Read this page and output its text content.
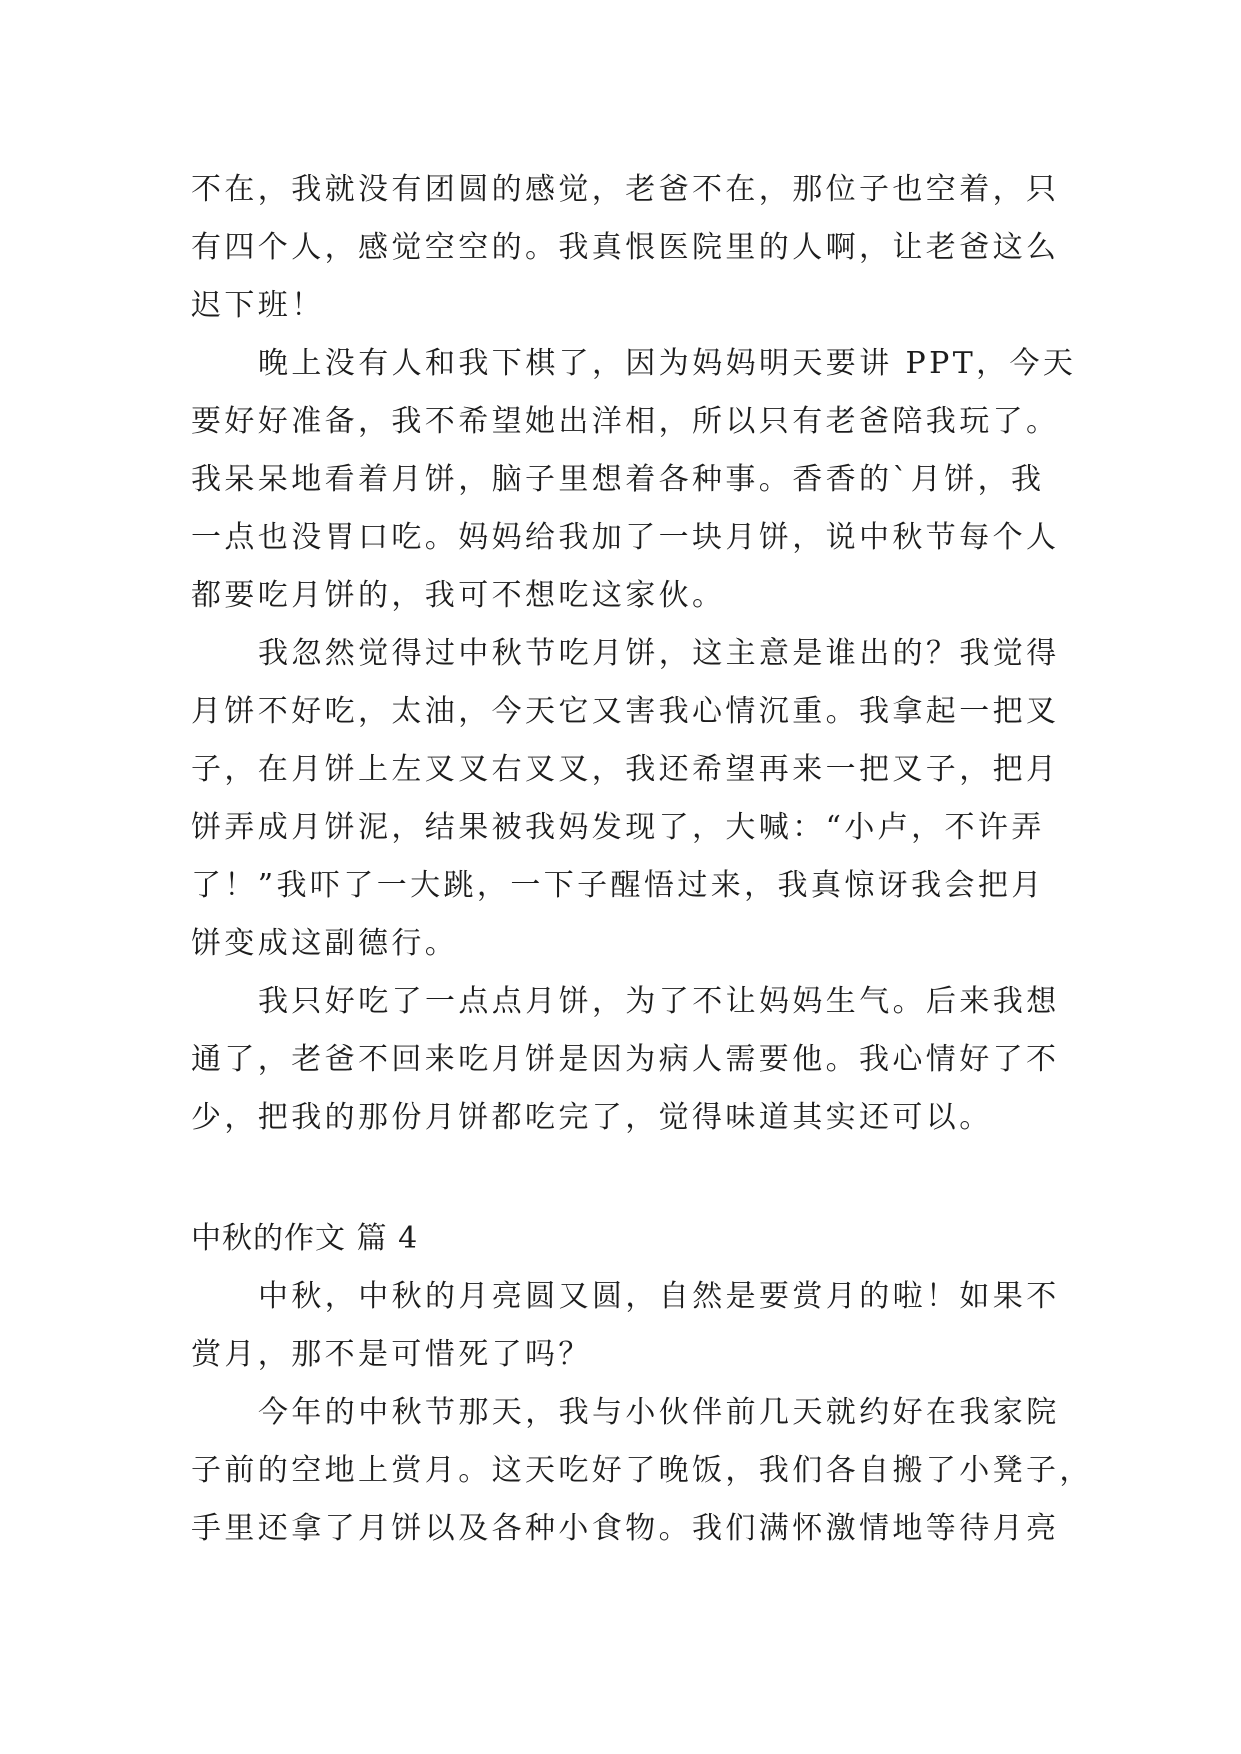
不在，我就没有团圆的感觉，老爸不在，那位子也空着，只
有四个人，感觉空空的。我真恨医院里的人啊，让老爸这么
迟下班！
晚上没有人和我下棋了，因为妈妈明天要讲 PPT，今天
要好好准备，我不希望她出洋相，所以只有老爸陪我玩了。
我呆呆地看着月饼，脑子里想着各种事。香香的`月饼，我
一点也没胃口吃。妈妈给我加了一块月饼，说中秋节每个人
都要吃月饼的，我可不想吃这家伙。
我忽然觉得过中秋节吃月饼，这主意是谁出的？我觉得
月饼不好吃，太油，今天它又害我心情沉重。我拿起一把叉
子，在月饼上左叉叉右叉叉，我还希望再来一把叉子，把月
饼弄成月饼泥，结果被我妈发现了，大喊：“小卢，不许弄
了！”我吓了一大跳，一下子醒悟过来，我真惊讶我会把月
饼变成这副德行。
我只好吃了一点点月饼，为了不让妈妈生气。后来我想
通了，老爸不回来吃月饼是因为病人需要他。我心情好了不
少，把我的那份月饼都吃完了，觉得味道其实还可以。
中秋的作文 篇 4
中秋，中秋的月亮圆又圆，自然是要赏月的啦！如果不
赏月，那不是可惜死了吗？
今年的中秋节那天，我与小伙伴前几天就约好在我家院
子前的空地上赏月。这天吃好了晚饭，我们各自搬了小凳子，
手里还拿了月饼以及各种小食物。我们满怀激情地等待月亮
